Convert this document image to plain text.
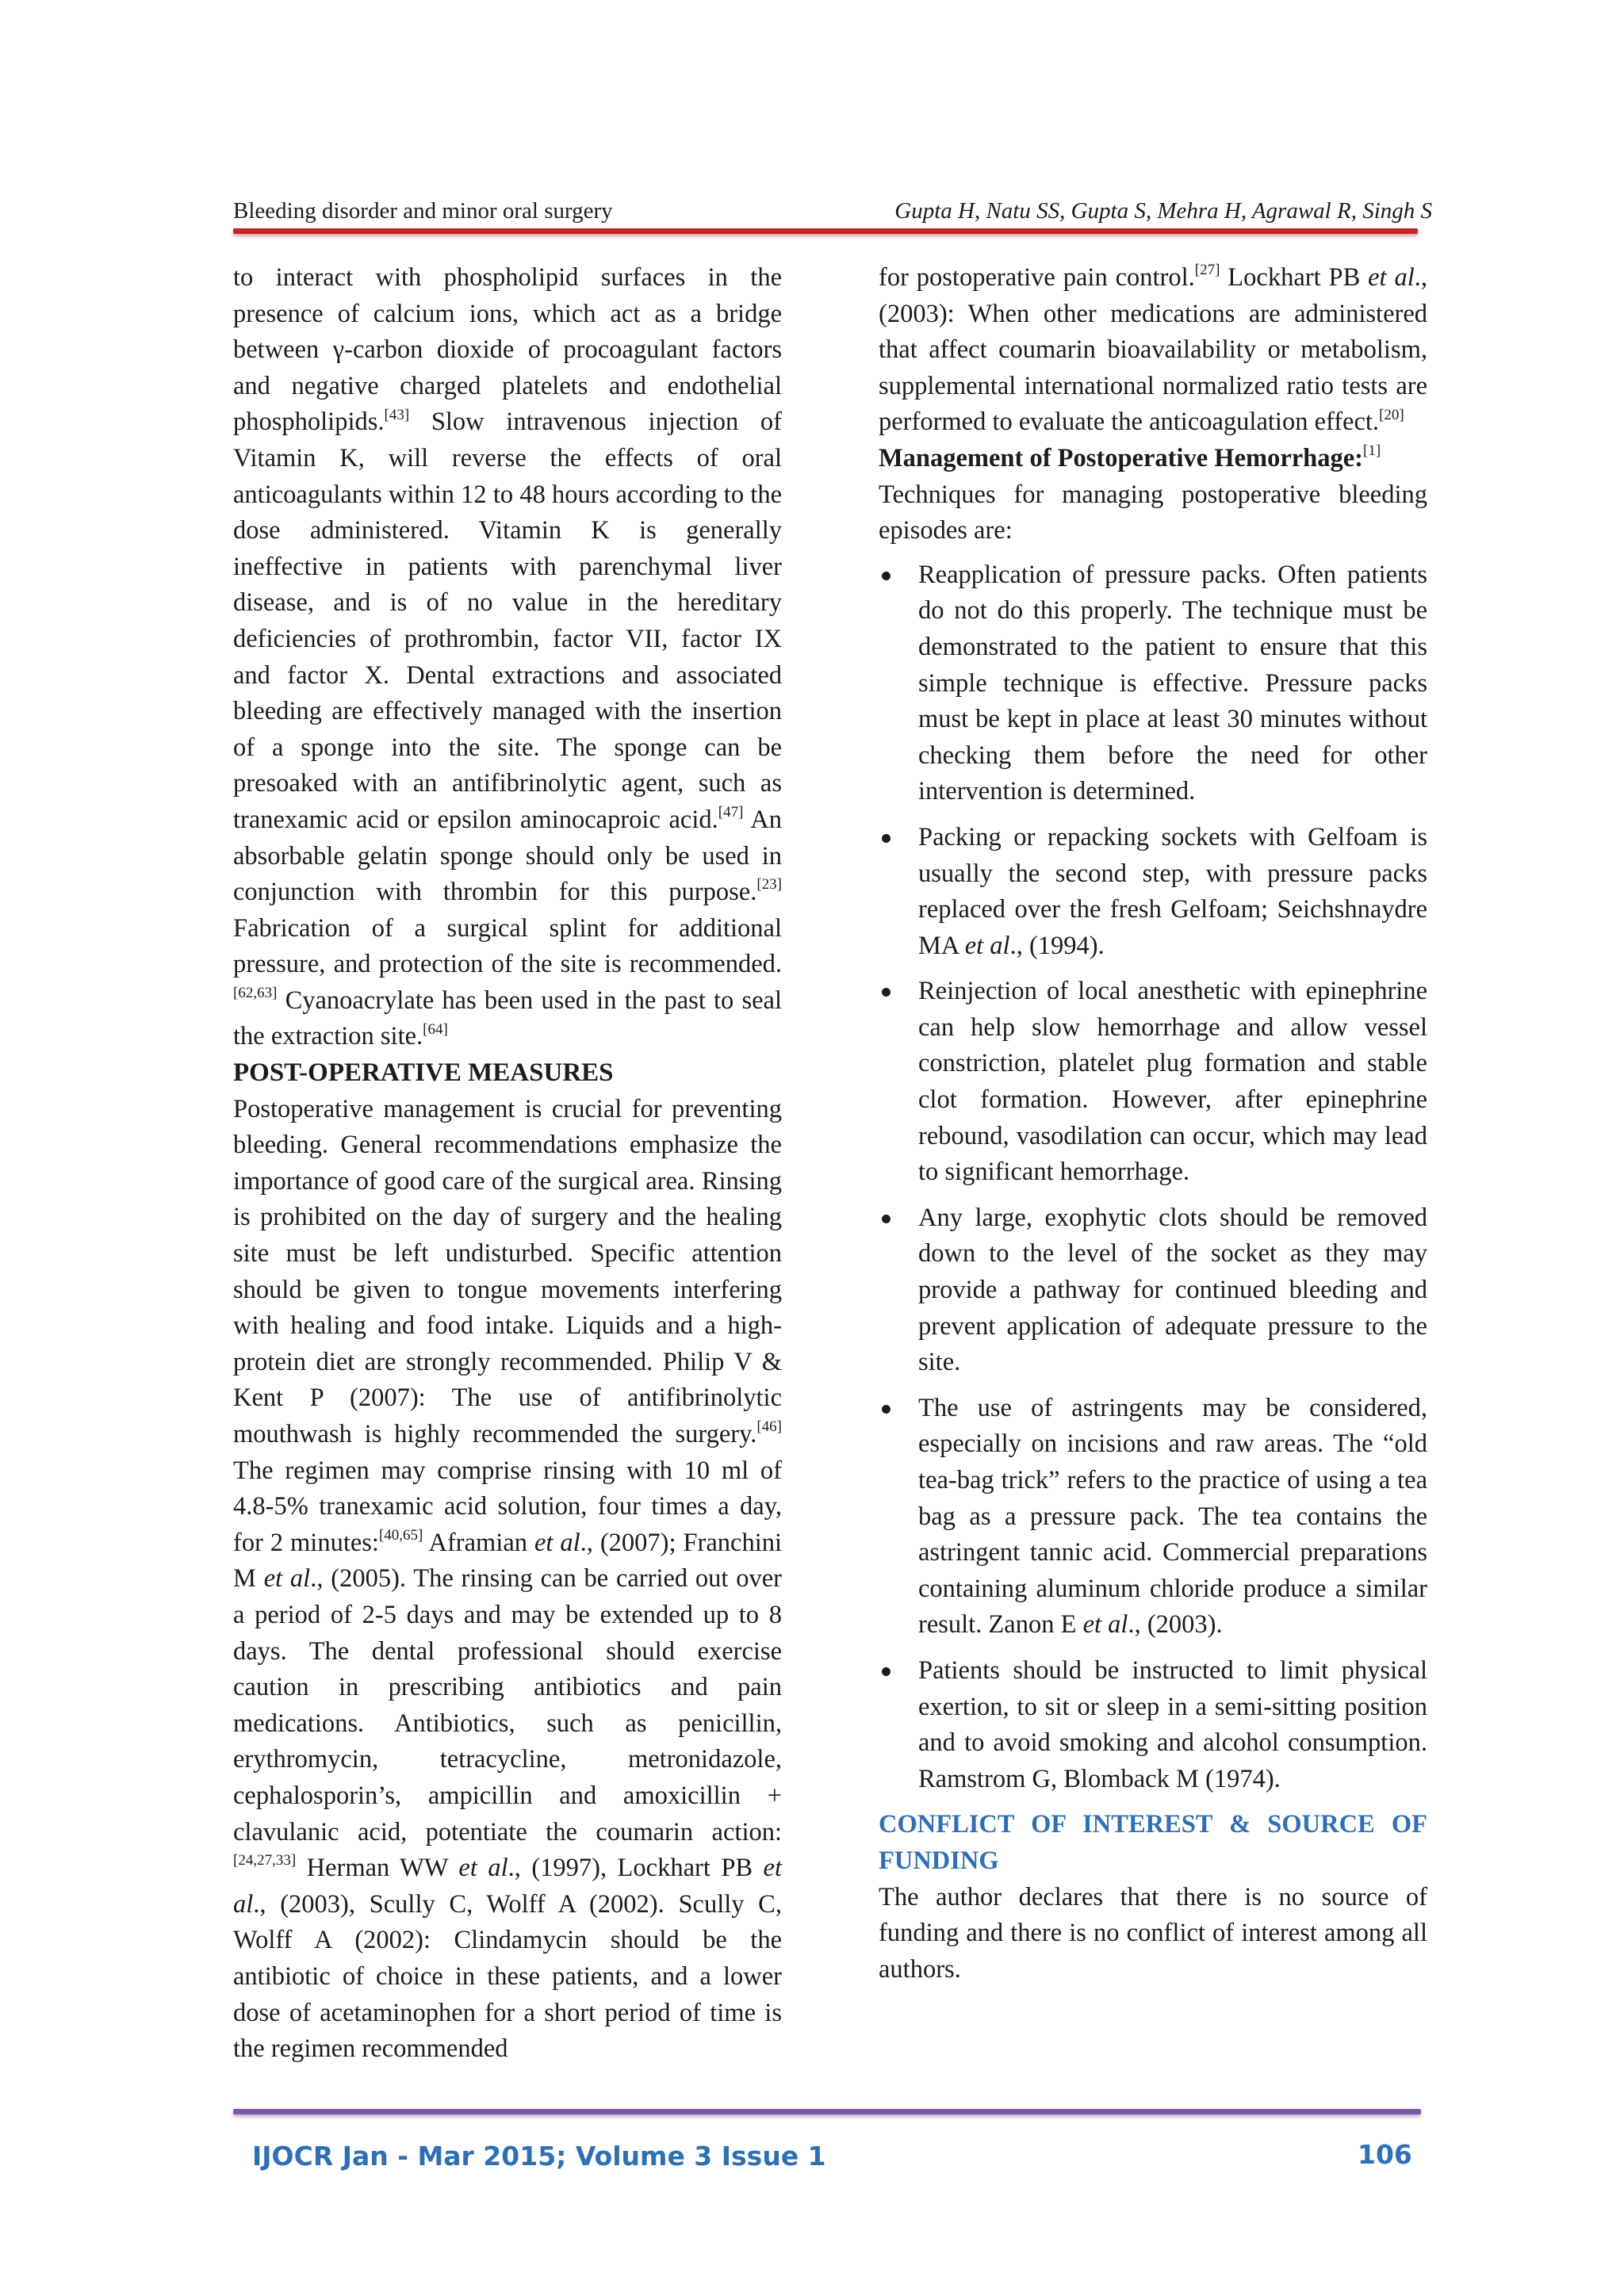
Bleeding disorder and minor oral surgery	Gupta H, Natu SS, Gupta S, Mehra H, Agrawal R, Singh S

to interact with phospholipid surfaces in the presence of calcium ions, which act as a bridge between γ-carbon dioxide of procoagulant factors and negative charged platelets and endothelial phospholipids.[43] Slow intravenous injection of Vitamin K, will reverse the effects of oral anticoagulants within 12 to 48 hours according to the dose administered. Vitamin K is generally ineffective in patients with parenchymal liver disease, and is of no value in the hereditary deficiencies of prothrombin, factor VII, factor IX and factor X. Dental extractions and associated bleeding are effectively managed with the insertion of a sponge into the site. The sponge can be presoaked with an antifibrinolytic agent, such as tranexamic acid or epsilon aminocaproic acid.[47] An absorbable gelatin sponge should only be used in conjunction with thrombin for this purpose.[23] Fabrication of a surgical splint for additional pressure, and protection of the site is recommended.[62,63] Cyanoacrylate has been used in the past to seal the extraction site.[64]

POST-OPERATIVE MEASURES

Postoperative management is crucial for preventing bleeding. General recommendations emphasize the importance of good care of the surgical area. Rinsing is prohibited on the day of surgery and the healing site must be left undisturbed. Specific attention should be given to tongue movements interfering with healing and food intake. Liquids and a high-protein diet are strongly recommended. Philip V & Kent P (2007): The use of antifibrinolytic mouthwash is highly recommended the surgery.[46] The regimen may comprise rinsing with 10 ml of 4.8-5% tranexamic acid solution, four times a day, for 2 minutes:[40,65] Aframian et al., (2007); Franchini M et al., (2005). The rinsing can be carried out over a period of 2-5 days and may be extended up to 8 days. The dental professional should exercise caution in prescribing antibiotics and pain medications. Antibiotics, such as penicillin, erythromycin, tetracycline, metronidazole, cephalosporin’s, ampicillin and amoxicillin + clavulanic acid, potentiate the coumarin action:[24,27,33] Herman WW et al., (1997), Lockhart PB et al., (2003), Scully C, Wolff A (2002). Scully C, Wolff A (2002): Clindamycin should be the antibiotic of choice in these patients, and a lower dose of acetaminophen for a short period of time is the regimen recommended

for postoperative pain control.[27] Lockhart PB et al., (2003): When other medications are administered that affect coumarin bioavailability or metabolism, supplemental international normalized ratio tests are performed to evaluate the anticoagulation effect.[20]

Management of Postoperative Hemorrhage:[1]

Techniques for managing postoperative bleeding episodes are:

Reapplication of pressure packs. Often patients do not do this properly. The technique must be demonstrated to the patient to ensure that this simple technique is effective. Pressure packs must be kept in place at least 30 minutes without checking them before the need for other intervention is determined.
Packing or repacking sockets with Gelfoam is usually the second step, with pressure packs replaced over the fresh Gelfoam; Seichshnaydre MA et al., (1994).
Reinjection of local anesthetic with epinephrine can help slow hemorrhage and allow vessel constriction, platelet plug formation and stable clot formation. However, after epinephrine rebound, vasodilation can occur, which may lead to significant hemorrhage.
Any large, exophytic clots should be removed down to the level of the socket as they may provide a pathway for continued bleeding and prevent application of adequate pressure to the site.
The use of astringents may be considered, especially on incisions and raw areas. The “old tea-bag trick” refers to the practice of using a tea bag as a pressure pack. The tea contains the astringent tannic acid. Commercial preparations containing aluminum chloride produce a similar result. Zanon E et al., (2003).
Patients should be instructed to limit physical exertion, to sit or sleep in a semi-sitting position and to avoid smoking and alcohol consumption. Ramstrom G, Blomback M (1974).

CONFLICT OF INTEREST & SOURCE OF FUNDING

The author declares that there is no source of funding and there is no conflict of interest among all authors.

IJOCR Jan - Mar 2015; Volume 3 Issue 1	106
